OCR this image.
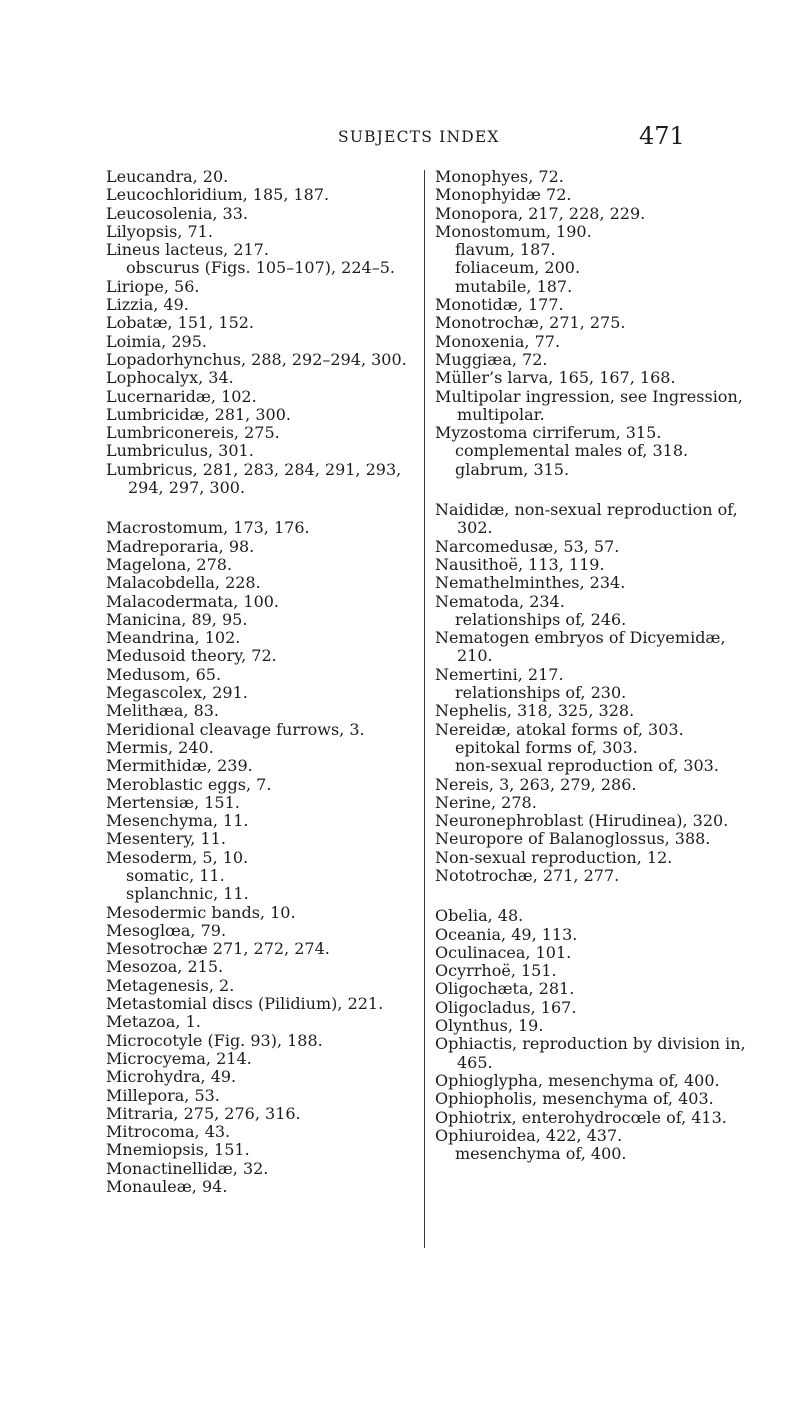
SUBJECTS INDEX	471
Leucandra, 20.
Leucochloridium, 185, 187.
Leucosolenia, 33.
Lilyopsis, 71.
Lineus lacteus, 217.
obscurus (Figs. 105–107), 224–5.
Liriope, 56.
Lizzia, 49.
Lobatæ, 151, 152.
Loimia, 295.
Lopadorhynchus, 288, 292–294, 300.
Lophocalyx, 34.
Lucernaridæ, 102.
Lumbricidæ, 281, 300.
Lumbriconereis, 275.
Lumbriculus, 301.
Lumbricus, 281, 283, 284, 291, 293, 294, 297, 300.
Macrostomum, 173, 176.
Madreporaria, 98.
Magelona, 278.
Malacobdella, 228.
Malacodermata, 100.
Manicina, 89, 95.
Meandrina, 102.
Medusoid theory, 72.
Medusom, 65.
Megascolex, 291.
Melithæa, 83.
Meridional cleavage furrows, 3.
Mermis, 240.
Mermithidæ, 239.
Meroblastic eggs, 7.
Mertensiæ, 151.
Mesenchyma, 11.
Mesentery, 11.
Mesoderm, 5, 10.
somatic, 11.
splanchnic, 11.
Mesodermic bands, 10.
Mesoglœa, 79.
Mesotrochæ 271, 272, 274.
Mesozoa, 215.
Metagenesis, 2.
Metastomial discs (Pilidium), 221.
Metazoa, 1.
Microcotyle (Fig. 93), 188.
Microcyema, 214.
Microhydra, 49.
Millepora, 53.
Mitraria, 275, 276, 316.
Mitrocoma, 43.
Mnemiopsis, 151.
Monactinellidæ, 32.
Monauleæ, 94.
Monophyes, 72.
Monophyidæ 72.
Monopora, 217, 228, 229.
Monostomum, 190.
flavum, 187.
foliaceum, 200.
mutabile, 187.
Monotidæ, 177.
Monotrochæ, 271, 275.
Monoxenia, 77.
Muggiæa, 72.
Müller’s larva, 165, 167, 168.
Multipolar ingression, see Ingression, multipolar.
Myzostoma cirriferum, 315.
complemental males of, 318.
glabrum, 315.
Naididæ, non-sexual reproduction of, 302.
Narcomedusæ, 53, 57.
Nausithoë, 113, 119.
Nemathelminthes, 234.
Nematoda, 234.
relationships of, 246.
Nematogen embryos of Dicyemidæ, 210.
Nemertini, 217.
relationships of, 230.
Nephelis, 318, 325, 328.
Nereidæ, atokal forms of, 303.
epitokal forms of, 303.
non-sexual reproduction of, 303.
Nereis, 3, 263, 279, 286.
Nerine, 278.
Neuronephroblast (Hirudinea), 320.
Neuropore of Balanoglossus, 388.
Non-sexual reproduction, 12.
Nototrochæ, 271, 277.
Obelia, 48.
Oceania, 49, 113.
Oculinacea, 101.
Ocyrrhoë, 151.
Oligochæta, 281.
Oligocladus, 167.
Olynthus, 19.
Ophiactis, reproduction by division in, 465.
Ophioglypha, mesenchyma of, 400.
Ophiopholis, mesenchyma of, 403.
Ophiotrix, enterohydrocœle of, 413.
Ophiuroidea, 422, 437.
mesenchyma of, 400.
